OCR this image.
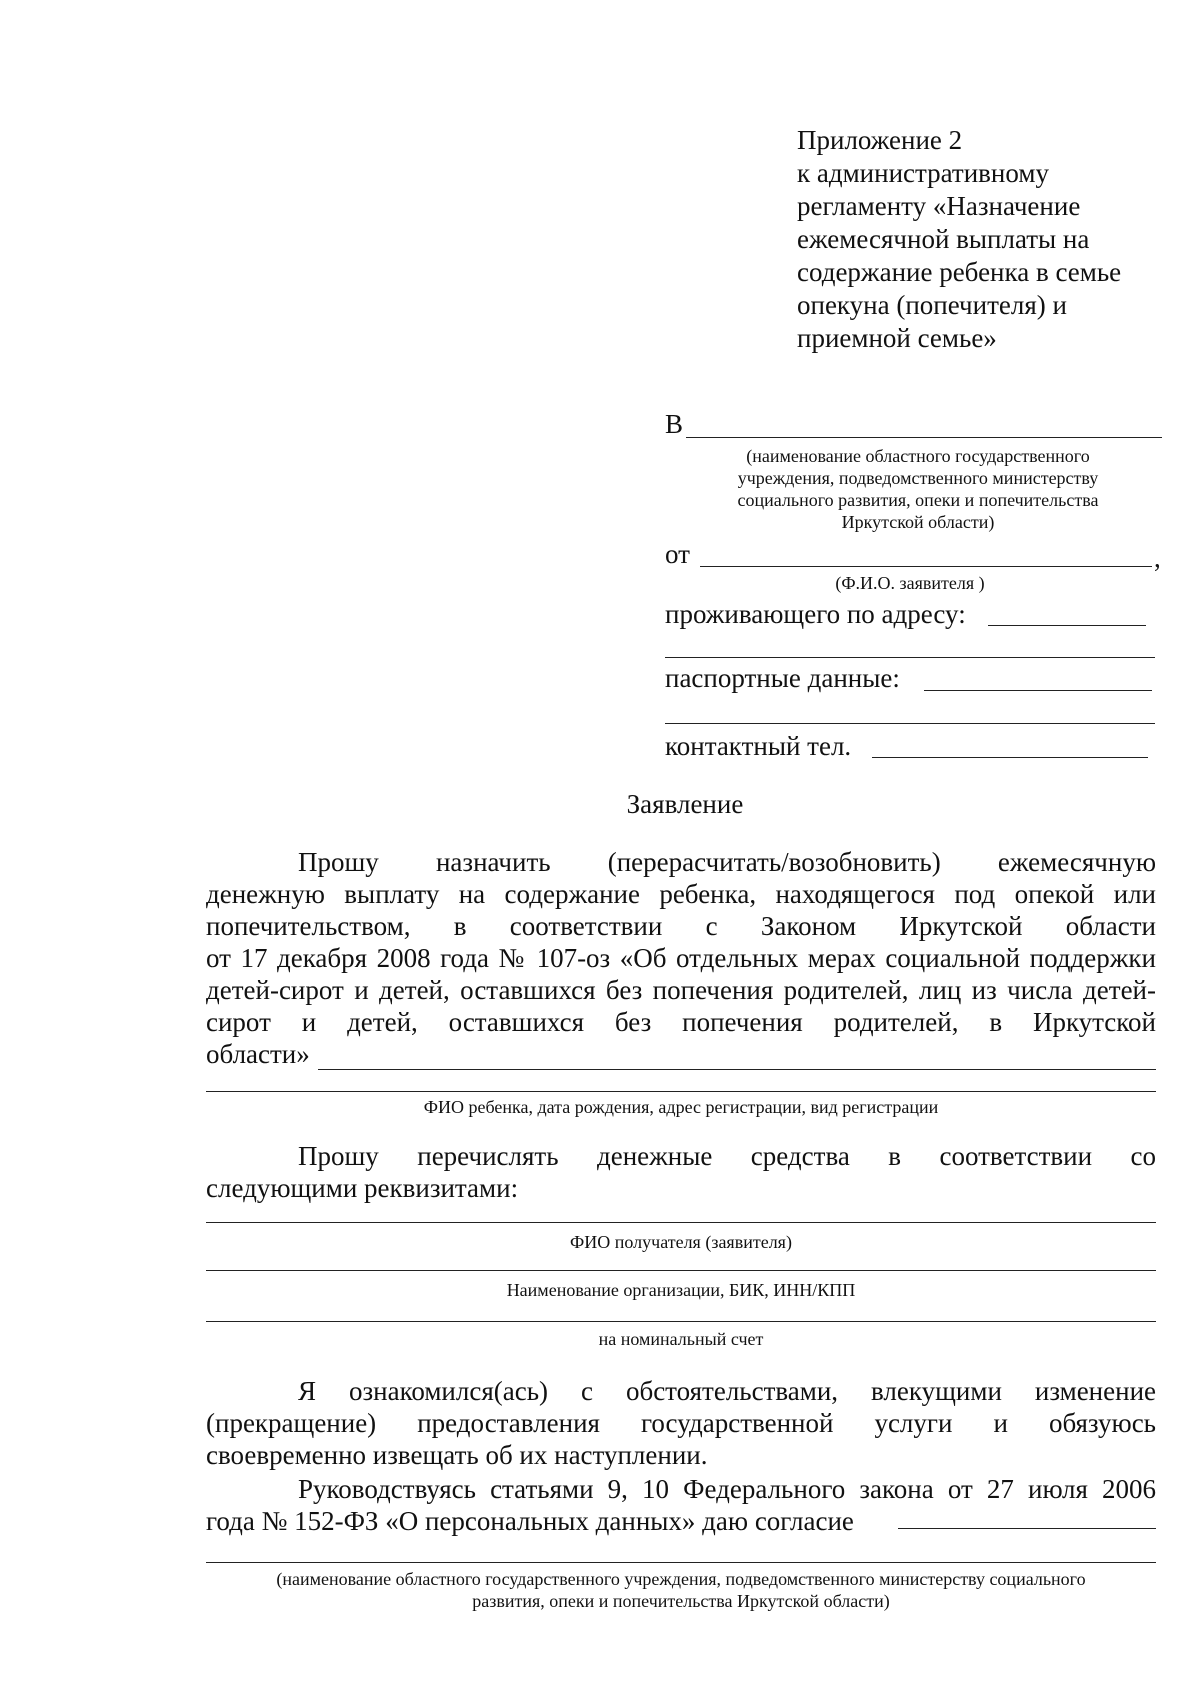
Приложение 2
к административному
регламенту «Назначение
ежемесячной выплаты на
содержание ребенка в семье
опекуна (попечителя) и
приемной семье»
В
(наименование областного государственного
учреждения, подведомственного министерству
социального развития, опеки и попечительства
Иркутской области)
от	,
(Ф.И.О. заявителя )
проживающего по адресу:
паспортные данные:
контактный тел.
Заявление
Прошу назначить (перерасчитать/возобновить) ежемесячную
денежную выплату на содержание ребенка, находящегося под опекой или
попечительством, в соответствии с Законом Иркутской области
от 17 декабря 2008 года № 107-оз «Об отдельных мерах социальной поддержки
детей-сирот и детей, оставшихся без попечения родителей, лиц из числа детей-
сирот и детей, оставшихся без попечения родителей, в Иркутской
области»
ФИО ребенка, дата рождения, адрес регистрации, вид регистрации
Прошу перечислять денежные средства в соответствии со
следующими реквизитами:
ФИО получателя (заявителя)
Наименование организации, БИК, ИНН/КПП
на номинальный счет
Я ознакомился(ась) с обстоятельствами, влекущими изменение
(прекращение) предоставления государственной услуги и обязуюсь
своевременно извещать об их наступлении.
Руководствуясь статьями 9, 10 Федерального закона от 27 июля 2006
года № 152-ФЗ «О персональных данных» даю согласие
(наименование областного государственного учреждения, подведомственного министерству социального
развития, опеки и попечительства Иркутской области)
